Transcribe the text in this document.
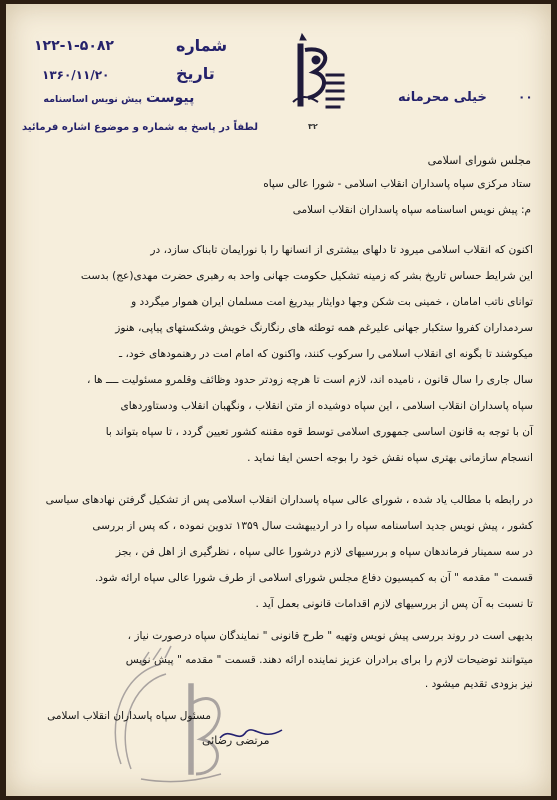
شماره
۱۲۲-۱-۵۰۸۲
تاریخ
۱۳۶۰/۱۱/۲۰
پیوست
پیش نویس اساسنامه
لطفاً در پاسخ به شماره و موضوع اشاره فرمائید	۳۲
خیلی محرمانه	۰۰
مجلس شورای اسلامی
ستاد مرکزی سپاه پاسداران انقلاب اسلامی - شورا عالی سپاه
م: پیش نویس اساسنامه سپاه پاسداران انقلاب اسلامی
اکنون که انقلاب اسلامی میرود تا دلهای بیشتری از انسانها را با نورایمان تابناک سازد، در
این شرایط حساس تاریخ بشر که زمینه تشکیل حکومت جهانی واحد به رهبری حضرت مهدی(عج) بدست
توانای ناتب امامان ، خمینی بت شکن وجها دوایثار بیدریغ امت مسلمان ایران هموار میگردد و
سردمداران کفروا ستکبار جهانی علیرغم همه توطئه های رنگارنگ خویش وشکستهای پیاپی، هنوز
میکوشند تا بگونه ای انقلاب اسلامی را سرکوب کنند، واکنون که امام امت در رهنمودهای خود، ـ
سال جاری را سال قانون ، نامیده اند، لازم است تا هرچه زودتر حدود وظائف وقلمرو مسئولیت ــــ ها ،
سپاه پاسداران انقلاب اسلامی ، این سپاه دوشیده از متن انقلاب ، ونگهبان انقلاب ودستاوردهای
آن با توجه به قانون اساسی جمهوری اسلامی توسط قوه مقننه کشور تعیین گردد ، تا سپاه بتواند با
انسجام سازمانی بهتری سپاه نقش خود را بوجه احسن ایفا نماید .
در رابطه با مطالب یاد شده ، شورای عالی سپاه پاسداران انقلاب اسلامی پس از تشکیل گرفتن نهادهای سیاسی
کشور ، پیش نویس جدید اساسنامه سپاه را در اردیبهشت سال ۱۳۵۹ تدوین نموده ، که پس از بررسی
در سه سمینار فرماندهان سپاه و بررسیهای لازم درشورا عالی سپاه ، نظرگیری از اهل فن ، بجز
قسمت " مقدمه " آن به کمیسیون دفاع مجلس شورای اسلامی از طرف شورا عالی سپاه ارائه شود.
تا نسبت به آن پس از بررسیهای لازم اقدامات قانونی بعمل آید .
بدیهی است در روند بررسی پیش نویس وتهیه " طرح قانونی " نمایندگان سپاه درصورت نیاز ،
میتوانند توضیحات لازم را برای برادران عزیز نماینده ارائه دهند. قسمت " مقدمه " پیش نویس
نیز بزودی تقدیم میشود .
مسئول سپاه پاسداران انقلاب اسلامی
مرتضی رضائی
